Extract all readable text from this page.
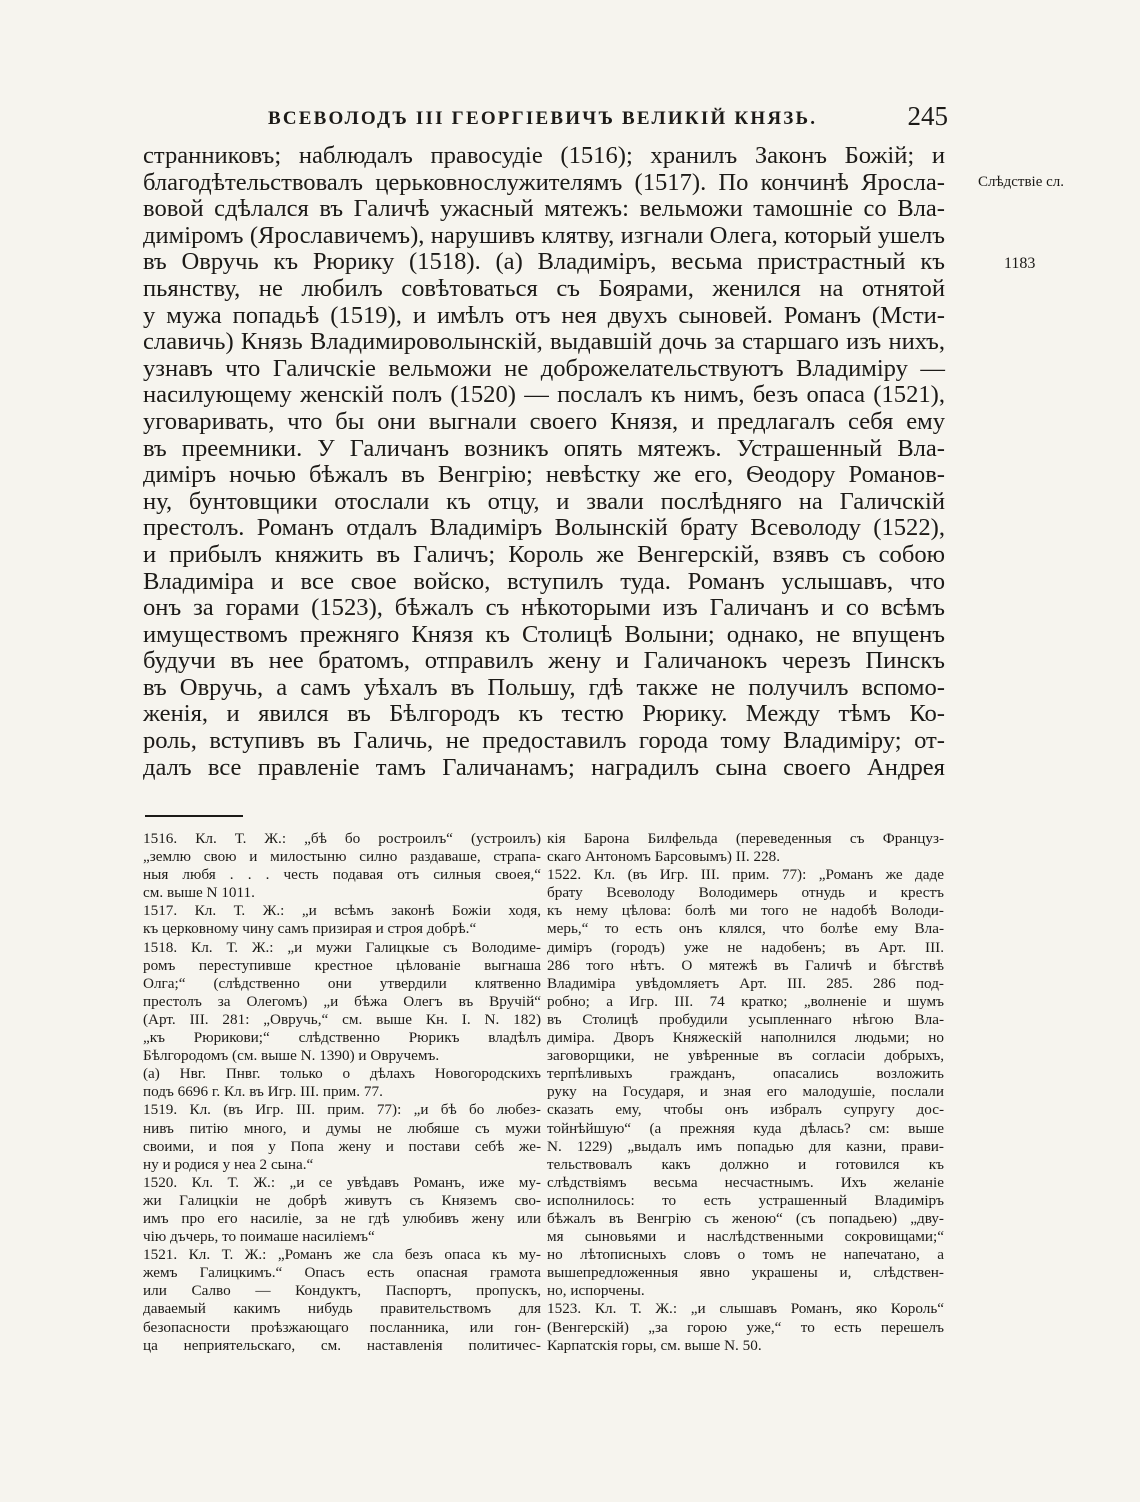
ВСЕВОЛОДЪ III ГЕОРГІЕВИЧЪ ВЕЛИКІЙ КНЯЗЬ.	245
Слѣдствіе сл.
1183
странниковъ; наблюдалъ правосудіе (1516); хранилъ Законъ Божій; и
благодѣтельствовалъ церьковнослужителямъ (1517). По кончинѣ Яросла-
вовой сдѣлался въ Галичѣ ужасный мятежъ: вельможи тамошніе со Вла-
диміромъ (Ярославичемъ), нарушивъ клятву, изгнали Олега, который ушелъ
въ Овручь къ Рюрику (1518). (а) Владиміръ, весьма пристрастный къ
пьянству, не любилъ совѣтоваться съ Боярами, женился на отнятой
у мужа попадьѣ (1519), и имѣлъ отъ нея двухъ сыновей. Романъ (Мсти-
славичь) Князь Владимироволынскій, выдавшій дочь за старшаго изъ нихъ,
узнавъ что Галичскіе вельможи не доброжелательствуютъ Владиміру —
насилующему женскій полъ (1520) — послалъ къ нимъ, безъ опаса (1521),
уговаривать, что бы они выгнали своего Князя, и предлагалъ себя ему
въ преемники. У Галичанъ возникъ опять мятежъ. Устрашенный Вла-
диміръ ночью бѣжалъ въ Венгрію; невѣстку же его, Ѳеодору Романов-
ну, бунтовщики отослали къ отцу, и звали послѣдняго на Галичскій
престолъ. Романъ отдалъ Владиміръ Волынскій брату Всеволоду (1522),
и прибылъ княжить въ Галичъ; Король же Венгерскій, взявъ съ собою
Владиміра и все свое войско, вступилъ туда. Романъ услышавъ, что
онъ за горами (1523), бѣжалъ съ нѣкоторыми изъ Галичанъ и со всѣмъ
имуществомъ прежняго Князя къ Столицѣ Волыни; однако, не впущенъ
будучи въ нее братомъ, отправилъ жену и Галичанокъ черезъ Пинскъ
въ Овручь, а самъ уѣхалъ въ Польшу, гдѣ также не получилъ вспомо-
женія, и явился въ Бѣлгородъ къ тестю Рюрику. Между тѣмъ Ко-
роль, вступивъ въ Галичь, не предоставилъ города тому Владиміру; от-
далъ все правленіе тамъ Галичанамъ; наградилъ сына своего Андрея
1516. Кл. Т. Ж.: „бѣ бо ростроилъ“ (устроилъ)
„землю свою и милостыню силно раздаваше, страпа-
ныя любя . . . честь подавая отъ силныя своея,“
см. выше N 1011.
1517. Кл. Т. Ж.: „и всѣмъ законѣ Божіи ходя,
къ церковному чину самъ призирая и строя добрѣ.“
1518. Кл. Т. Ж.: „и мужи Галицкые съ Володиме-
ромъ переступивше крестное цѣлованіе выгнаша
Олга;“ (слѣдственно они утвердили клятвенно
престолъ за Олегомъ) „и бѣжа Олегъ въ Вручій“
(Арт. III. 281: „Овручь,“ см. выше Кн. I. N. 182)
„къ Рюрикови;“ слѣдственно Рюрикъ владѣлъ
Бѣлгородомъ (см. выше N. 1390) и Овручемъ.
(а) Нвг. Пнвг. только о дѣлахъ Новогородскихъ
подъ 6696 г. Кл. въ Игр. III. прим. 77.
1519. Кл. (въ Игр. III. прим. 77): „и бѣ бо любез-
нивъ питію много, и думы не любяше съ мужи
своими, и поя у Попа жену и постави себѣ же-
ну и родися у неа 2 сына.“
1520. Кл. Т. Ж.: „и се увѣдавъ Романъ, иже му-
жи Галицкіи не добрѣ живутъ съ Княземъ сво-
имъ про его насиліе, за не гдѣ улюбивъ жену или
чію дъчерь, то поимаше насиліемъ“
1521. Кл. Т. Ж.: „Романъ же сла безъ опаса къ му-
жемъ Галицкимъ.“ Опасъ есть опасная грамота
или Салво — Кондуктъ, Паспортъ, пропускъ,
даваемый какимъ нибудь правительствомъ для
безопасности проѣзжающаго посланника, или гон-
ца неприятельскаго, см. наставленія политичес-
кія Барона Билфельда (переведенныя съ Француз-
скаго Антономъ Барсовымъ) II. 228.
1522. Кл. (въ Игр. III. прим. 77): „Романъ же даде
брату Всеволоду Володимерь отнудь и крестъ
къ нему цѣлова: болѣ ми того не надобѣ Володи-
мерь,“ то есть онъ клялся, что болѣе ему Вла-
диміръ (городъ) уже не надобенъ; въ Арт. III.
286 того нѣтъ. О мятежѣ въ Галичѣ и бѣгствѣ
Владиміра увѣдомляетъ Арт. III. 285. 286 под-
робно; а Игр. III. 74 кратко; „волненіе и шумъ
въ Столицѣ пробудили усыпленнаго нѣгою Вла-
диміра. Дворъ Княжескій наполнился людьми; но
заговорщики, не увѣренные въ согласіи добрыхъ,
терпѣливыхъ гражданъ, опасались возложить
руку на Государя, и зная его малодушіе, послали
сказать ему, чтобы онъ избралъ супругу дос-
тойнѣйшую“ (а прежняя куда дѣлась? см: выше
N. 1229) „выдалъ имъ попадью для казни, прави-
тельствовалъ какъ должно и готовился къ
слѣдствіямъ весьма несчастнымъ. Ихъ желаніе
исполнилось: то есть устрашенный Владиміръ
бѣжалъ въ Венгрію съ женою“ (съ попадьею) „дву-
мя сыновьями и наслѣдственными сокровищами;“
но лѣтописныхъ словъ о томъ не напечатано, а
вышепредложенныя явно украшены и, слѣдствен-
но, испорчены.
1523. Кл. Т. Ж.: „и слышавъ Романъ, яко Король“
(Венгерскій) „за горою уже,“ то есть перешелъ
Карпатскія горы, см. выше N. 50.
